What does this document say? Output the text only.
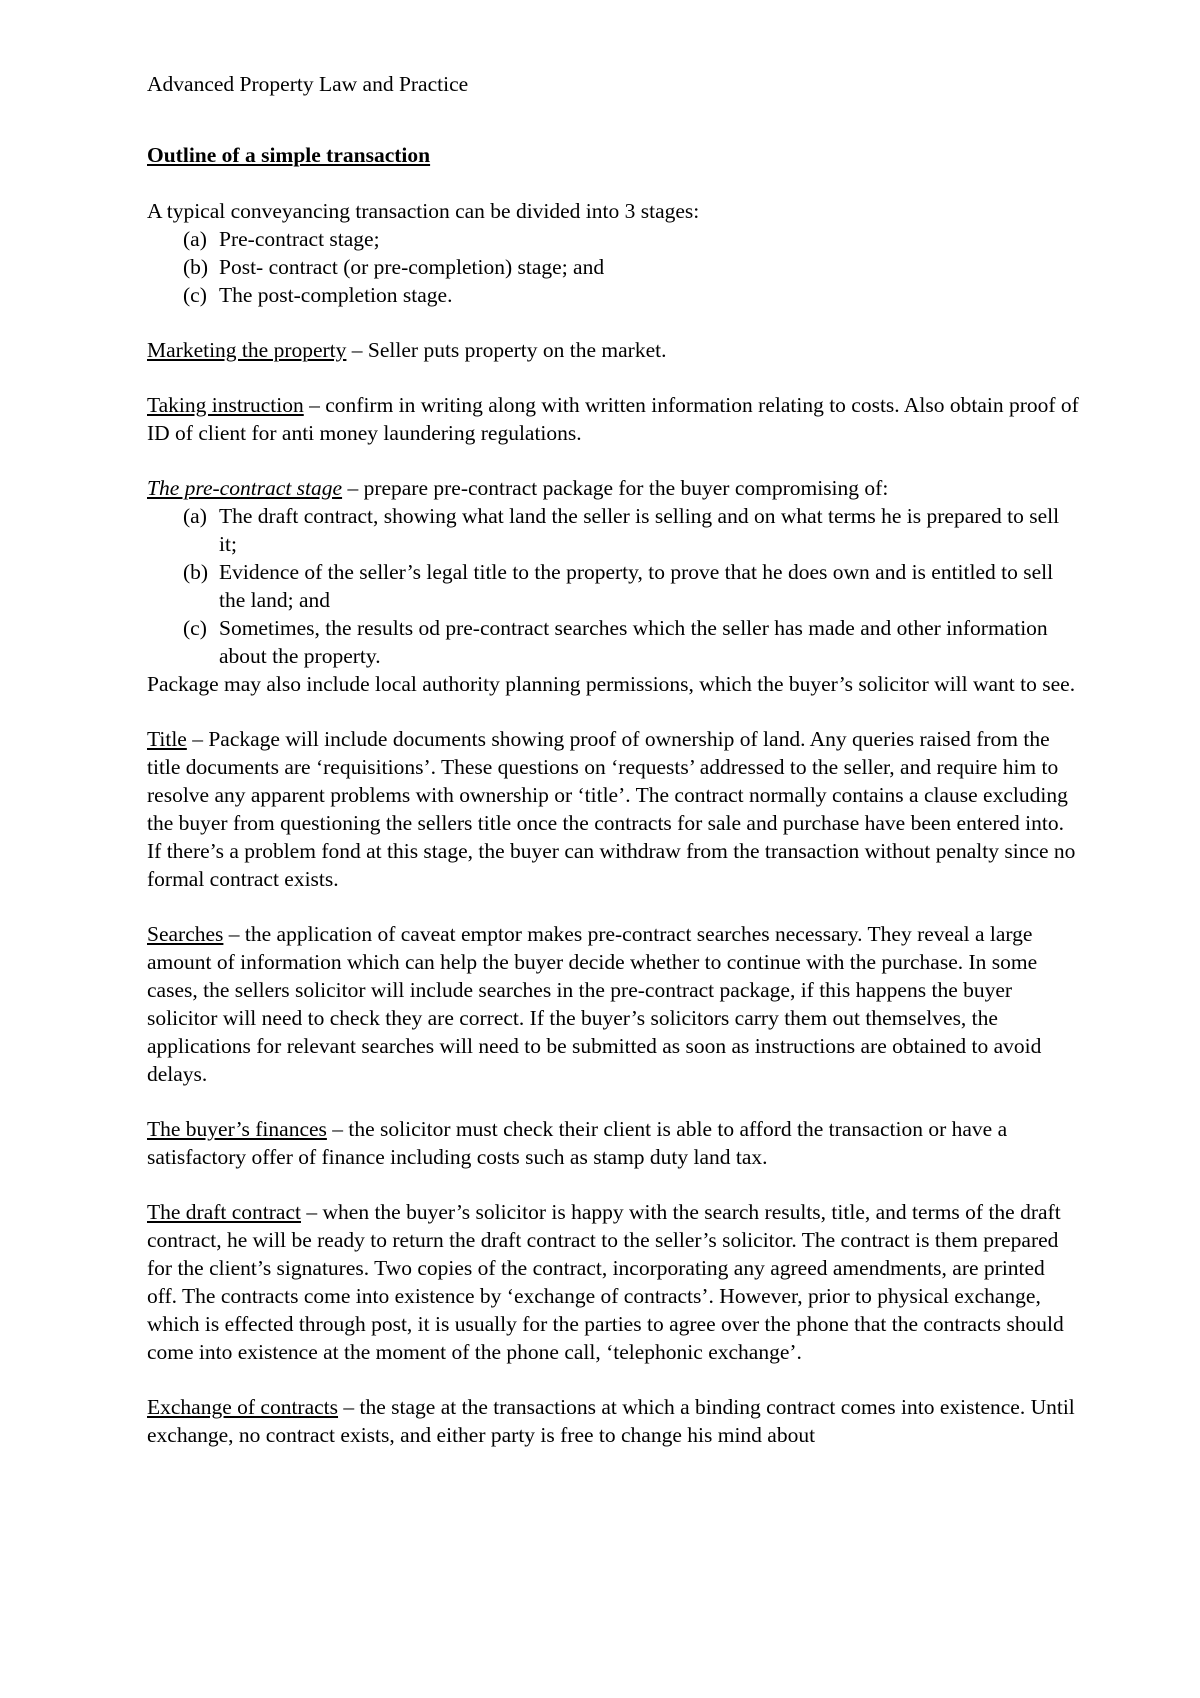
Advanced Property Law and Practice

Outline of a simple transaction

A typical conveyancing transaction can be divided into 3 stages:

(a) Pre-contract stage;
(b) Post- contract (or pre-completion) stage; and
(c) The post-completion stage.

Marketing the property – Seller puts property on the market.

Taking instruction – confirm in writing along with written information relating to costs. Also obtain proof of ID of client for anti money laundering regulations.

The pre-contract stage – prepare pre-contract package for the buyer compromising of:

(a) The draft contract, showing what land the seller is selling and on what terms he is prepared to sell it;
(b) Evidence of the seller’s legal title to the property, to prove that he does own and is entitled to sell the land; and
(c) Sometimes, the results od pre-contract searches which the seller has made and other information about the property.

Package may also include local authority planning permissions, which the buyer’s solicitor will want to see.

Title – Package will include documents showing proof of ownership of land. Any queries raised from the title documents are ‘requisitions’. These questions on ‘requests’ addressed to the seller, and require him to resolve any apparent problems with ownership or ‘title’. The contract normally contains a clause excluding the buyer from questioning the sellers title once the contracts for sale and purchase have been entered into. If there’s a problem fond at this stage, the buyer can withdraw from the transaction without penalty since no formal contract exists.

Searches – the application of caveat emptor makes pre-contract searches necessary. They reveal a large amount of information which can help the buyer decide whether to continue with the purchase. In some cases, the sellers solicitor will include searches in the pre-contract package, if this happens the buyer solicitor will need to check they are correct. If the buyer’s solicitors carry them out themselves, the applications for relevant searches will need to be submitted as soon as instructions are obtained to avoid delays.

The buyer’s finances – the solicitor must check their client is able to afford the transaction or have a satisfactory offer of finance including costs such as stamp duty land tax.

The draft contract – when the buyer’s solicitor is happy with the search results, title, and terms of the draft contract, he will be ready to return the draft contract to the seller’s solicitor. The contract is them prepared for the client’s signatures. Two copies of the contract, incorporating any agreed amendments, are printed off. The contracts come into existence by ‘exchange of contracts’. However, prior to physical exchange, which is effected through post, it is usually for the parties to agree over the phone that the contracts should come into existence at the moment of the phone call, ‘telephonic exchange’.

Exchange of contracts – the stage at the transactions at which a binding contract comes into existence. Until exchange, no contract exists, and either party is free to change his mind about
